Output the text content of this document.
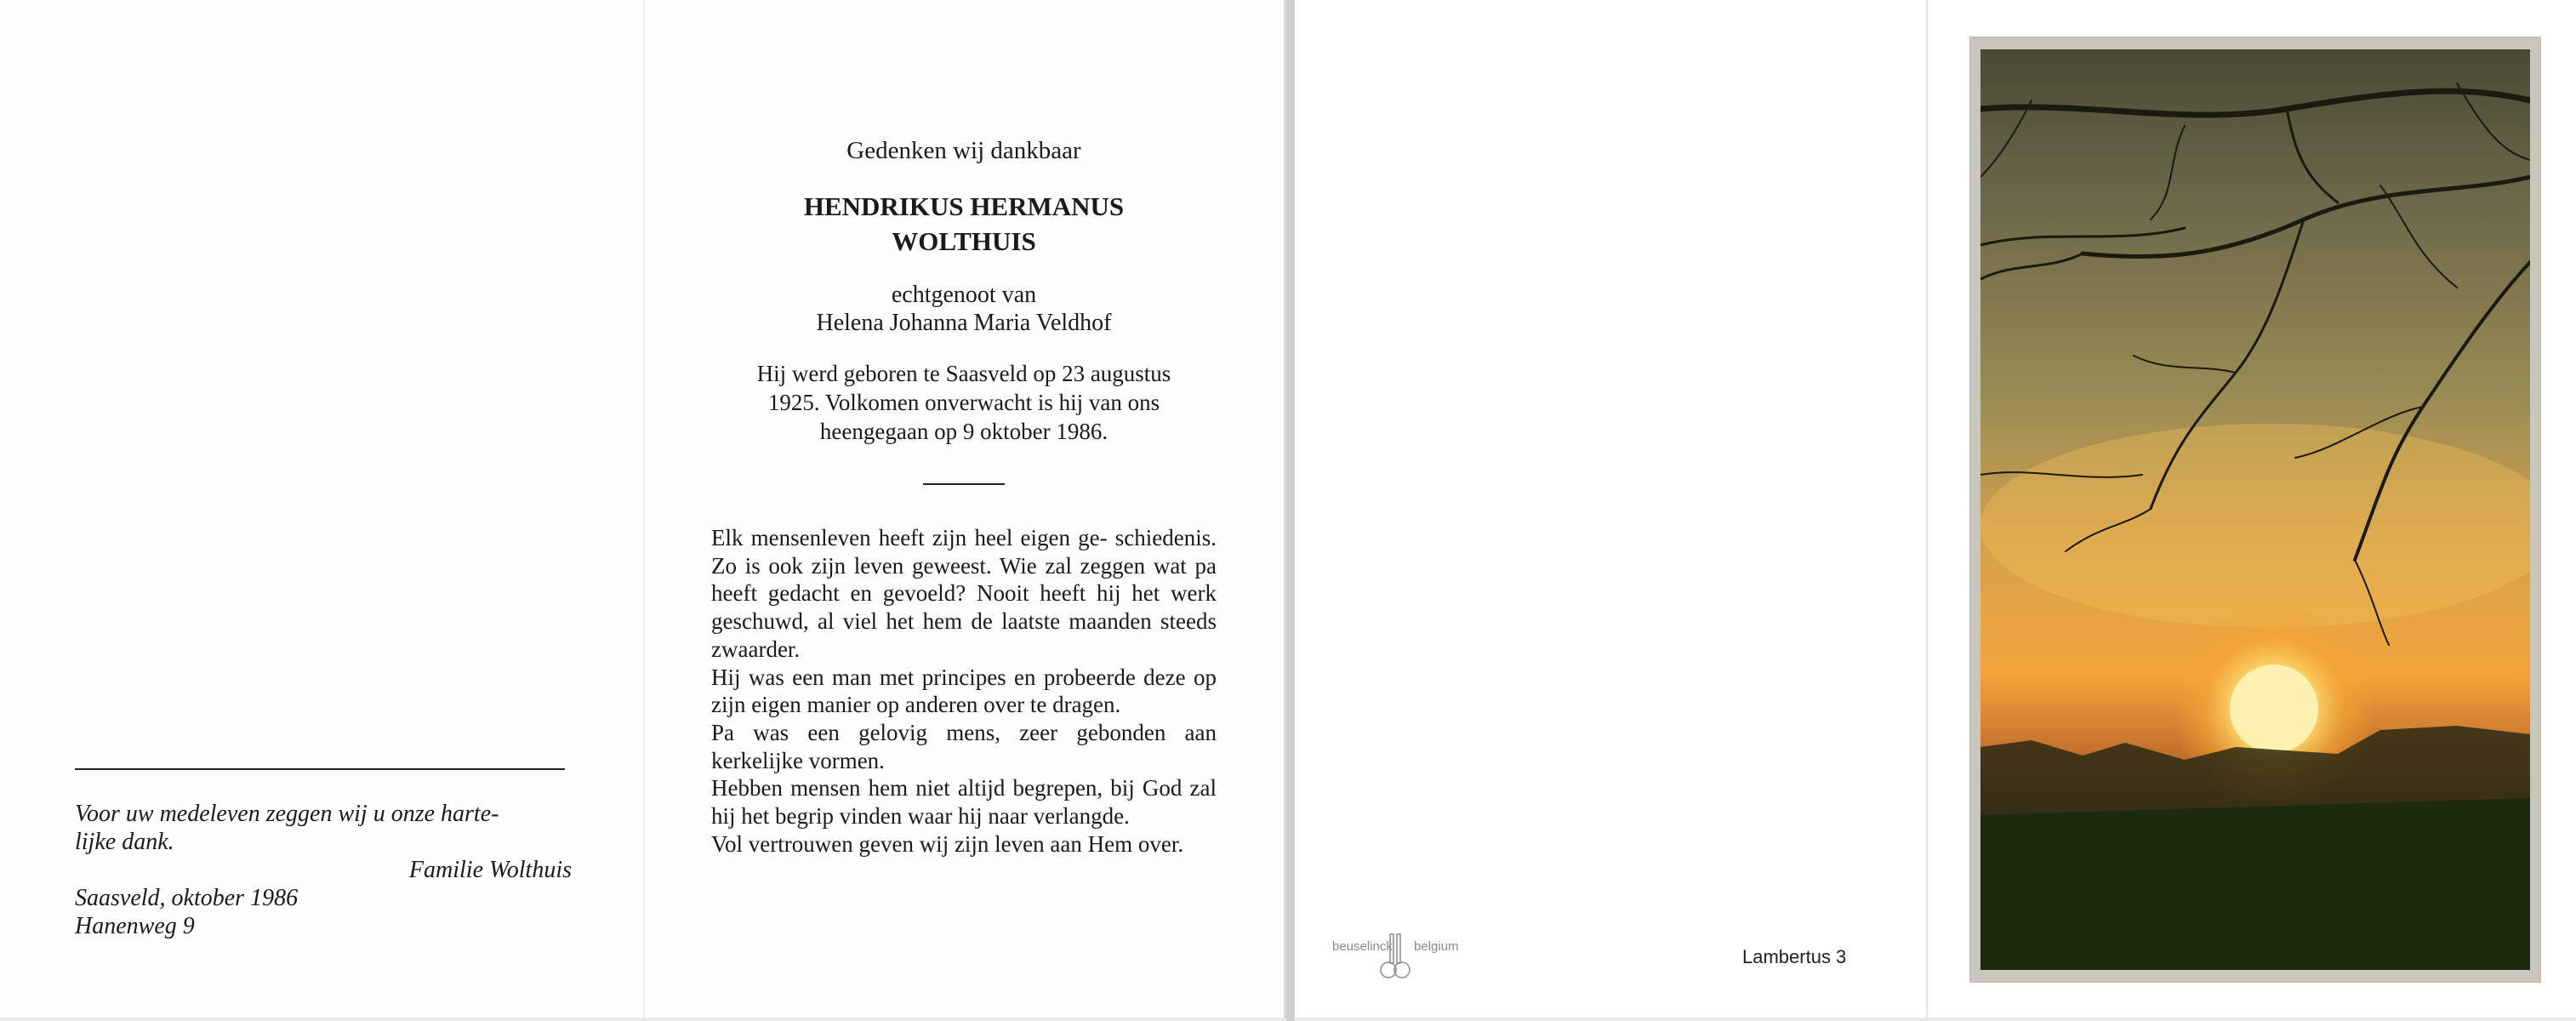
Voor uw medeleven zeggen wij u onze harte-
lijke dank.
Familie Wolthuis
Saasveld, oktober 1986
Hanenweg 9
Gedenken wij dankbaar
HENDRIKUS HERMANUS
WOLTHUIS
echtgenoot van
Helena Johanna Maria Veldhof
Hij werd geboren te Saasveld op 23 augustus
1925. Volkomen onverwacht is hij van ons
heengegaan op 9 oktober 1986.
Elk mensenleven heeft zijn heel eigen ge- schiedenis. Zo is ook zijn leven geweest. Wie zal zeggen wat pa heeft gedacht en gevoeld? Nooit heeft hij het werk geschuwd, al viel het hem de laatste maanden steeds zwaarder.
Hij was een man met principes en probeerde deze op zijn eigen manier op anderen over te dragen.
Pa was een gelovig mens, zeer gebonden aan kerkelijke vormen.
Hebben mensen hem niet altijd begrepen, bij God zal hij het begrip vinden waar hij naar verlangde.
Vol vertrouwen geven wij zijn leven aan Hem over.
beuselinck belgium	Lambertus 3
